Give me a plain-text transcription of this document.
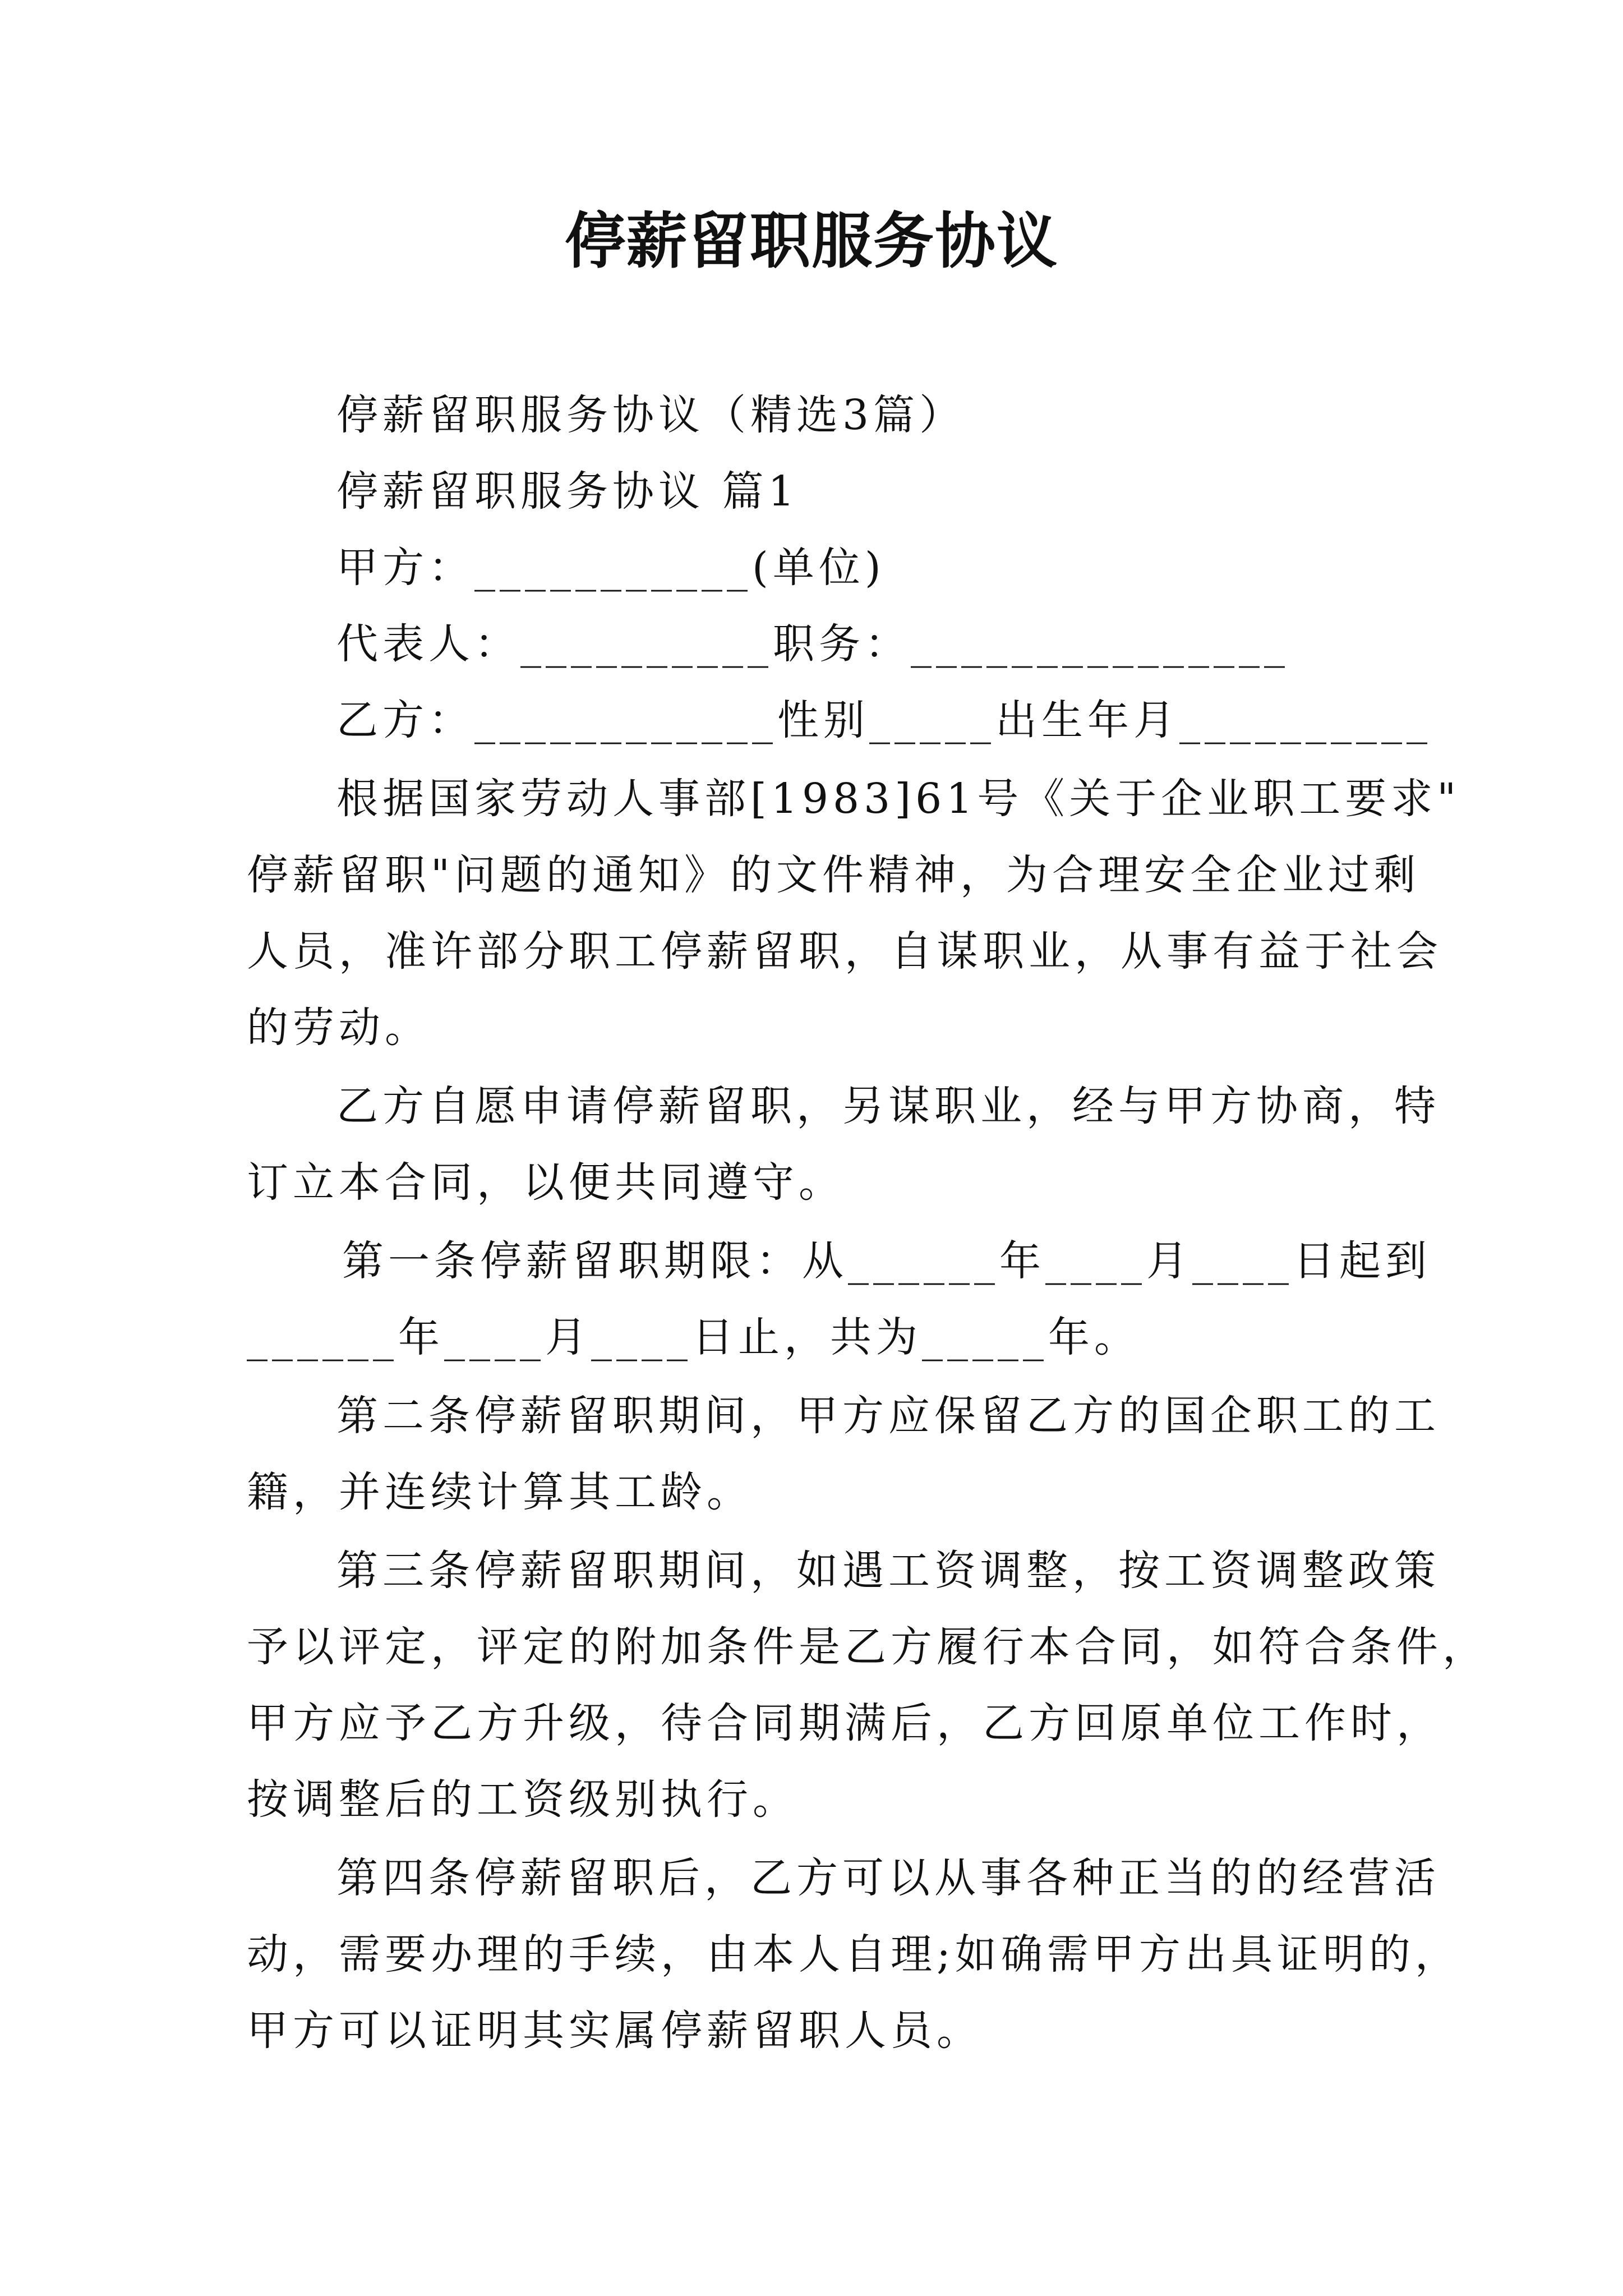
停薪留职服务协议
停薪留职服务协议（精选3篇）
停薪留职服务协议 篇1
甲方：___________(单位)
代表人：__________职务：_______________
乙方：____________性别_____出生年月__________
根据国家劳动人事部[1983]61号《关于企业职工要求"
停薪留职"问题的通知》的文件精神，为合理安全企业过剩
人员，准许部分职工停薪留职，自谋职业，从事有益于社会
的劳动。
乙方自愿申请停薪留职，另谋职业，经与甲方协商，特
订立本合同，以便共同遵守。
第一条停薪留职期限：从______年____月____日起到
______年____月____日止，共为_____年。
第二条停薪留职期间，甲方应保留乙方的国企职工的工
籍，并连续计算其工龄。
第三条停薪留职期间，如遇工资调整，按工资调整政策
予以评定，评定的附加条件是乙方履行本合同，如符合条件，
甲方应予乙方升级，待合同期满后，乙方回原单位工作时，
按调整后的工资级别执行。
第四条停薪留职后，乙方可以从事各种正当的的经营活
动，需要办理的手续，由本人自理;如确需甲方出具证明的，
甲方可以证明其实属停薪留职人员。
